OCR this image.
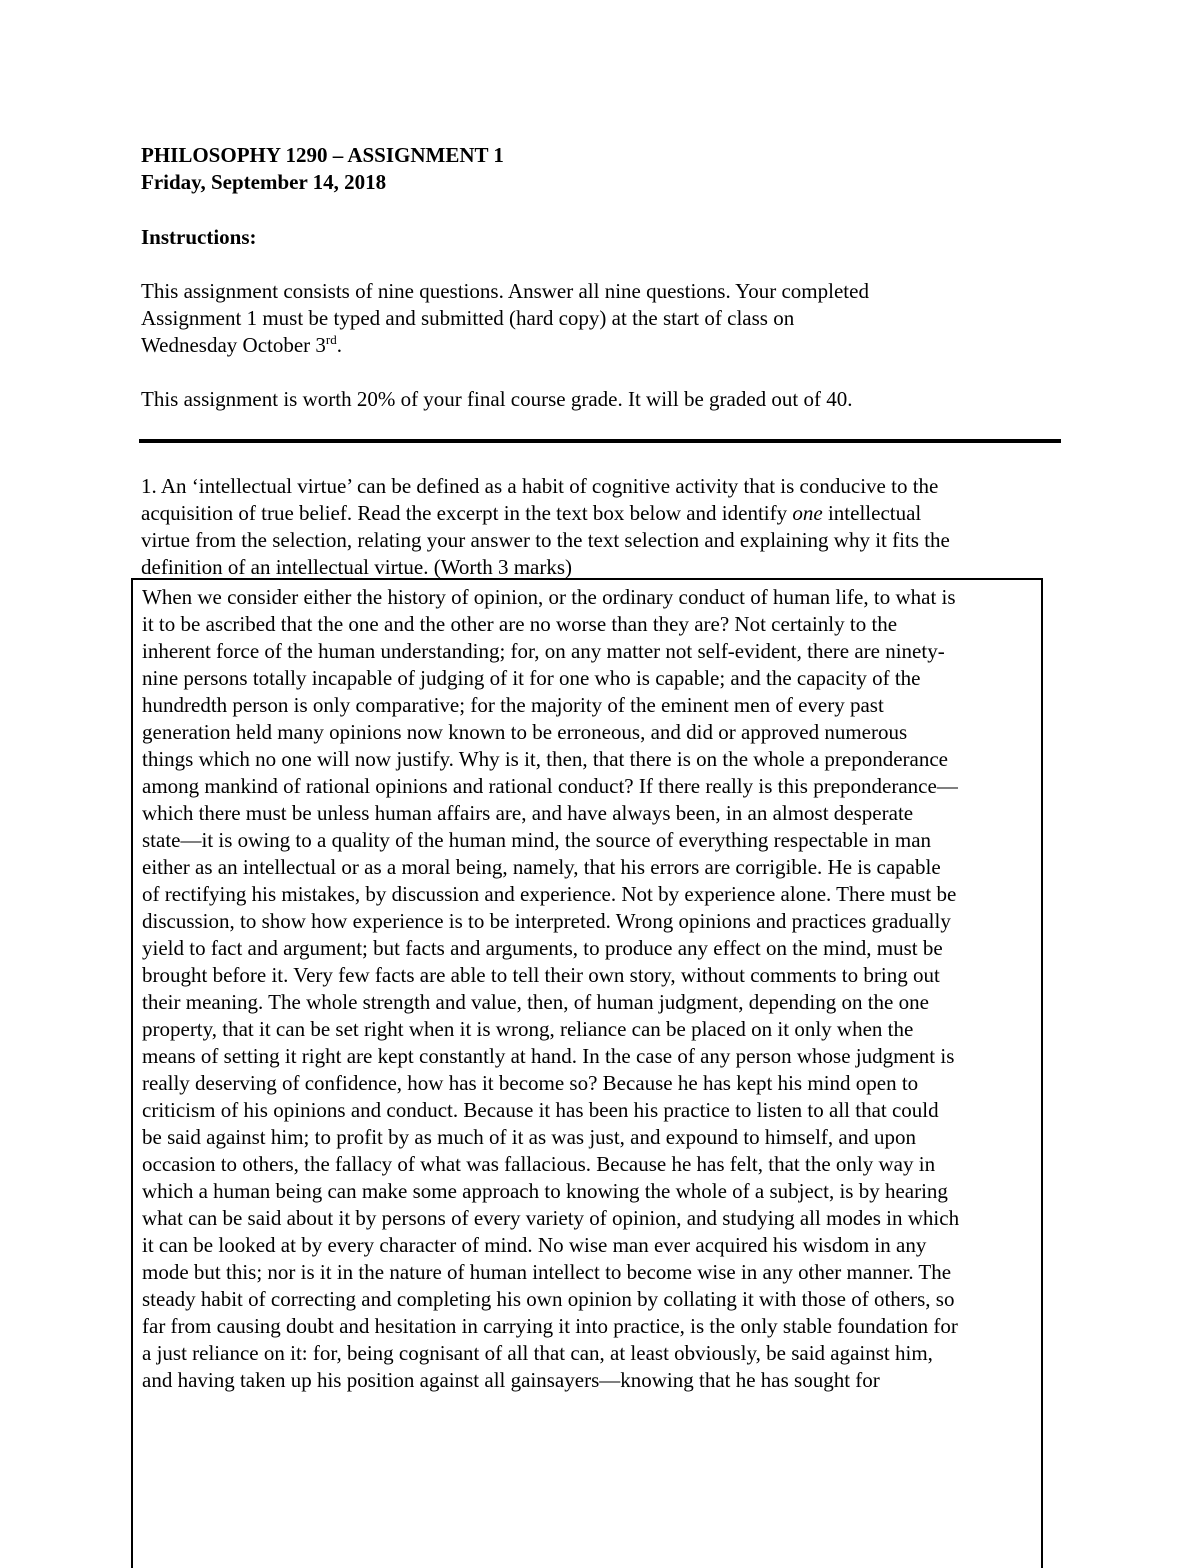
PHILOSOPHY 1290 – ASSIGNMENT 1
Friday, September 14, 2018
Instructions:
This assignment consists of nine questions. Answer all nine questions. Your completed
Assignment 1 must be typed and submitted (hard copy) at the start of class on
Wednesday October 3rd.
This assignment is worth 20% of your final course grade. It will be graded out of 40.
1. An ‘intellectual virtue’ can be defined as a habit of cognitive activity that is conducive to the
acquisition of true belief. Read the excerpt in the text box below and identify one intellectual
virtue from the selection, relating your answer to the text selection and explaining why it fits the
definition of an intellectual virtue. (Worth 3 marks)
When we consider either the history of opinion, or the ordinary conduct of human life, to what is
it to be ascribed that the one and the other are no worse than they are? Not certainly to the
inherent force of the human understanding; for, on any matter not self-evident, there are ninety-
nine persons totally incapable of judging of it for one who is capable; and the capacity of the
hundredth person is only comparative; for the majority of the eminent men of every past
generation held many opinions now known to be erroneous, and did or approved numerous
things which no one will now justify. Why is it, then, that there is on the whole a preponderance
among mankind of rational opinions and rational conduct? If there really is this preponderance—
which there must be unless human affairs are, and have always been, in an almost desperate
state—it is owing to a quality of the human mind, the source of everything respectable in man
either as an intellectual or as a moral being, namely, that his errors are corrigible. He is capable
of rectifying his mistakes, by discussion and experience. Not by experience alone. There must be
discussion, to show how experience is to be interpreted. Wrong opinions and practices gradually
yield to fact and argument; but facts and arguments, to produce any effect on the mind, must be
brought before it. Very few facts are able to tell their own story, without comments to bring out
their meaning. The whole strength and value, then, of human judgment, depending on the one
property, that it can be set right when it is wrong, reliance can be placed on it only when the
means of setting it right are kept constantly at hand. In the case of any person whose judgment is
really deserving of confidence, how has it become so? Because he has kept his mind open to
criticism of his opinions and conduct. Because it has been his practice to listen to all that could
be said against him; to profit by as much of it as was just, and expound to himself, and upon
occasion to others, the fallacy of what was fallacious. Because he has felt, that the only way in
which a human being can make some approach to knowing the whole of a subject, is by hearing
what can be said about it by persons of every variety of opinion, and studying all modes in which
it can be looked at by every character of mind. No wise man ever acquired his wisdom in any
mode but this; nor is it in the nature of human intellect to become wise in any other manner. The
steady habit of correcting and completing his own opinion by collating it with those of others, so
far from causing doubt and hesitation in carrying it into practice, is the only stable foundation for
a just reliance on it: for, being cognisant of all that can, at least obviously, be said against him,
and having taken up his position against all gainsayers—knowing that he has sought for
